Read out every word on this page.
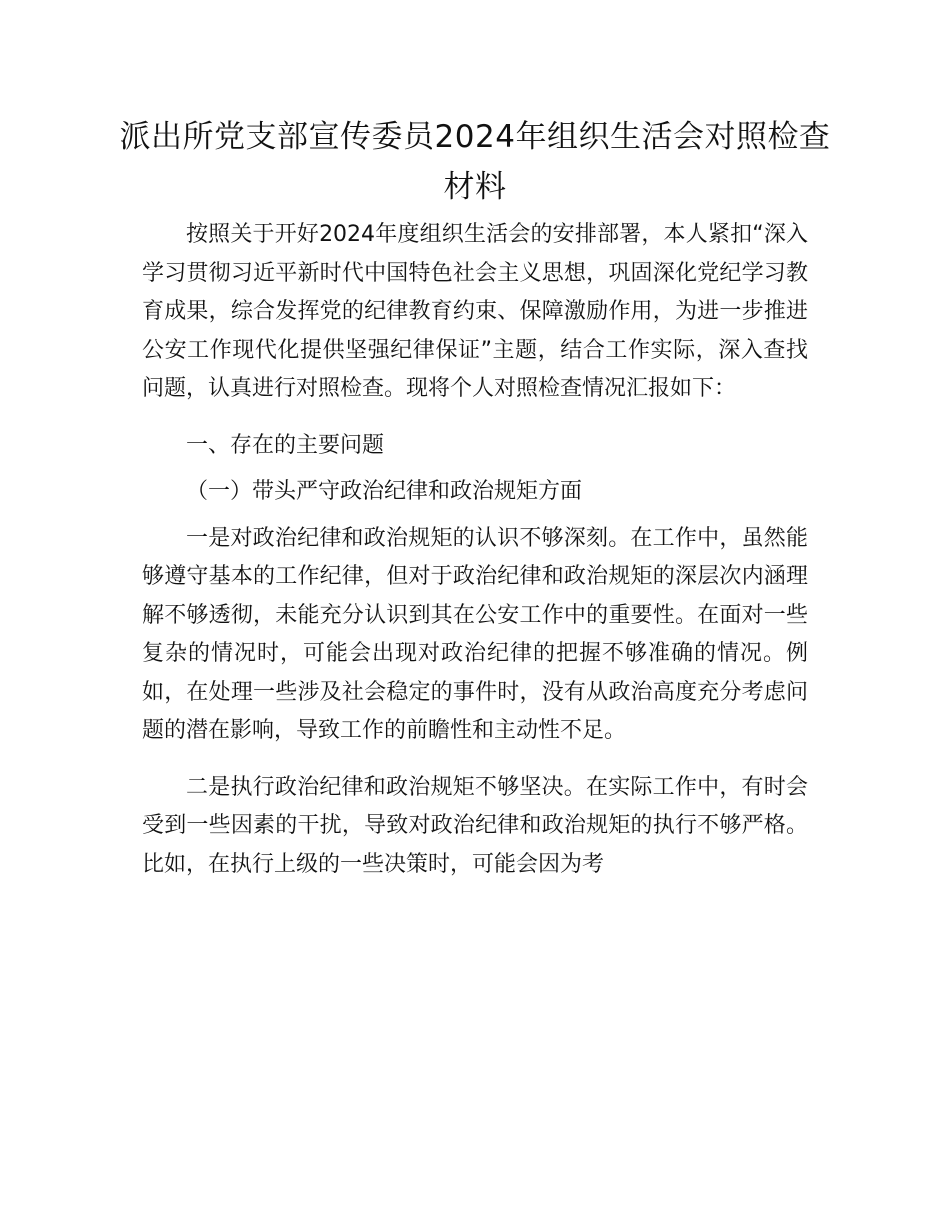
派出所党支部宣传委员2024年组织生活会对照检查材料

按照关于开好2024年度组织生活会的安排部署，本人紧扣“深入学习贯彻习近平新时代中国特色社会主义思想，巩固深化党纪学习教育成果，综合发挥党的纪律教育约束、保障激励作用，为进一步推进公安工作现代化提供坚强纪律保证”主题，结合工作实际，深入查找问题，认真进行对照检查。现将个人对照检查情况汇报如下：

一、存在的主要问题

（一）带头严守政治纪律和政治规矩方面

一是对政治纪律和政治规矩的认识不够深刻。在工作中，虽然能够遵守基本的工作纪律，但对于政治纪律和政治规矩的深层次内涵理解不够透彻，未能充分认识到其在公安工作中的重要性。在面对一些复杂的情况时，可能会出现对政治纪律的把握不够准确的情况。例如，在处理一些涉及社会稳定的事件时，没有从政治高度充分考虑问题的潜在影响，导致工作的前瞻性和主动性不足。

二是执行政治纪律和政治规矩不够坚决。在实际工作中，有时会受到一些因素的干扰，导致对政治纪律和政治规矩的执行不够严格。比如，在执行上级的一些决策时，可能会因为考
